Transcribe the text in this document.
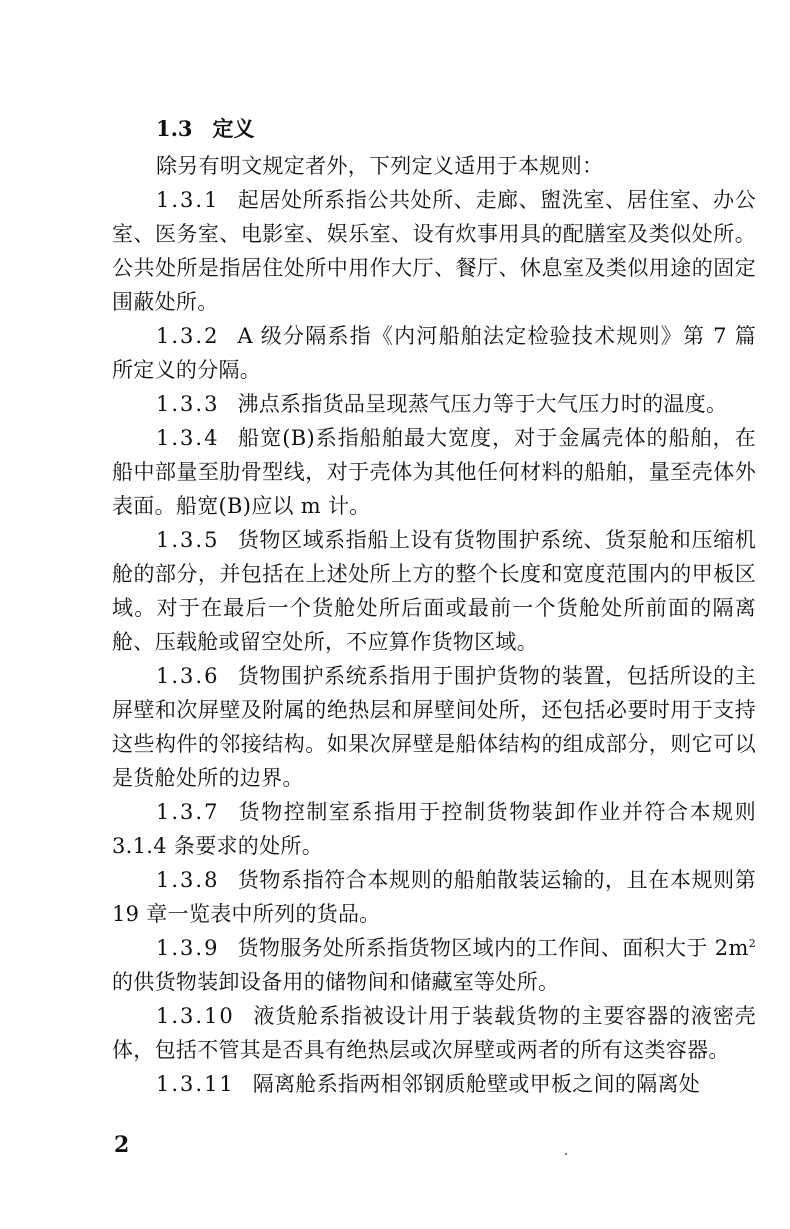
1.3 定义

除另有明文规定者外，下列定义适用于本规则：

1.3.1 起居处所系指公共处所、走廊、盥洗室、居住室、办公室、医务室、电影室、娱乐室、设有炊事用具的配膳室及类似处所。公共处所是指居住处所中用作大厅、餐厅、休息室及类似用途的固定围蔽处所。

1.3.2 A 级分隔系指《内河船舶法定检验技术规则》第 7 篇所定义的分隔。

1.3.3 沸点系指货品呈现蒸气压力等于大气压力时的温度。

1.3.4 船宽(B)系指船舶最大宽度，对于金属壳体的船舶，在船中部量至肋骨型线，对于壳体为其他任何材料的船舶，量至壳体外表面。船宽(B)应以 m 计。

1.3.5 货物区域系指船上设有货物围护系统、货泵舱和压缩机舱的部分，并包括在上述处所上方的整个长度和宽度范围内的甲板区域。对于在最后一个货舱处所后面或最前一个货舱处所前面的隔离舱、压载舱或留空处所，不应算作货物区域。

1.3.6 货物围护系统系指用于围护货物的装置，包括所设的主屏壁和次屏壁及附属的绝热层和屏壁间处所，还包括必要时用于支持这些构件的邻接结构。如果次屏壁是船体结构的组成部分，则它可以是货舱处所的边界。

1.3.7 货物控制室系指用于控制货物装卸作业并符合本规则 3.1.4 条要求的处所。

1.3.8 货物系指符合本规则的船舶散装运输的，且在本规则第 19 章一览表中所列的货品。

1.3.9 货物服务处所系指货物区域内的工作间、面积大于 $2m^2$ 的供货物装卸设备用的储物间和储藏室等处所。

1.3.10 液货舱系指被设计用于装载货物的主要容器的液密壳体，包括不管其是否具有绝热层或次屏壁或两者的所有这类容器。

1.3.11 隔离舱系指两相邻钢质舱壁或甲板之间的隔离处

2
